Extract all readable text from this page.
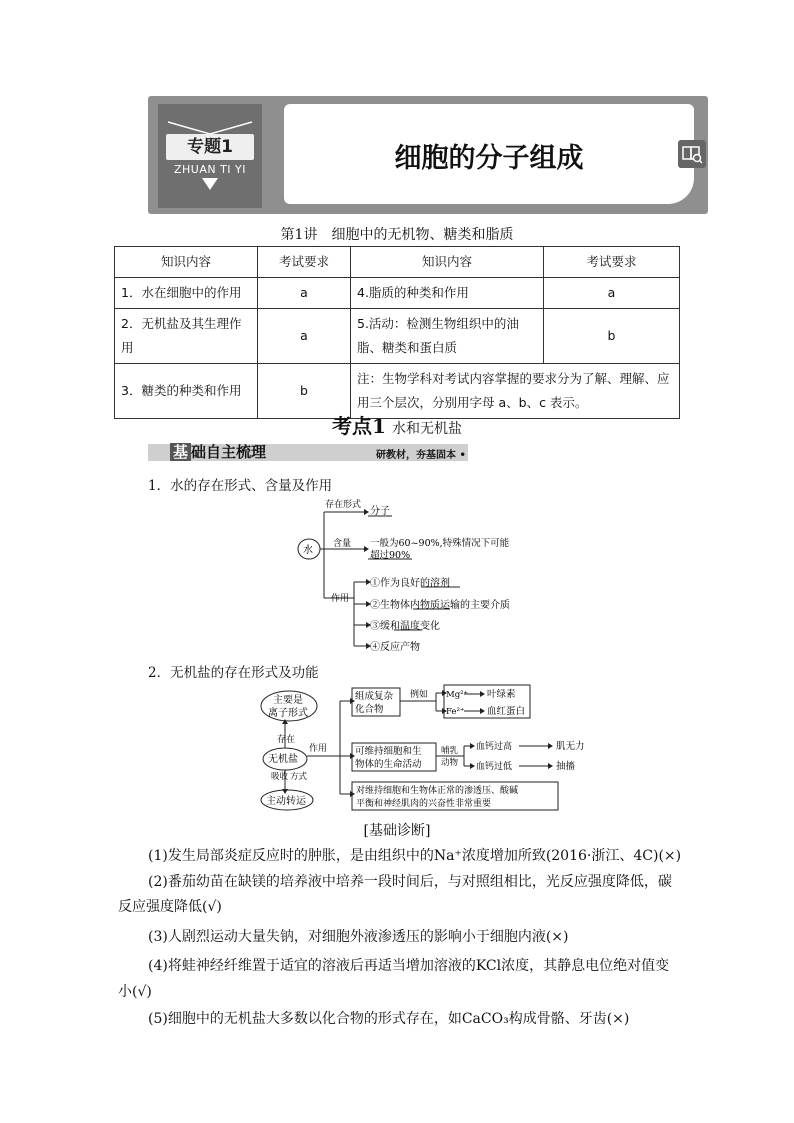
专题1
ZHUAN TI YI	细胞的分子组成
第1讲　细胞中的无机物、糖类和脂质
知识内容	考试要求	知识内容	考试要求
1．水在细胞中的作用	a	4.脂质的种类和作用	a
2．无机盐及其生理作用	a	5.活动：检测生物组织中的油脂、糖类和蛋白质	b
3．糖类的种类和作用	b	注：生物学科对考试内容掌握的要求分为了解、理解、应用三个层次，分别用字母 a、b、c 表示。	
考点1 水和无机盐
基 础自主梳理	研教材，夯基固本 •
1．水的存在形式、含量及作用
水
存在形式
分子
含量 一般为60~90%,特殊情况下可能
超过90%
作用
①作为良好的溶剂
②生物体内物质运输的主要介质
③缓和温度变化
④反应产物
2．无机盐的存在形式及功能
主要是
离子形式
存在
无机盐
吸收 方式
主动转运
作用
组成复杂
化合物
例如 Mg²⁺ 叶绿素
Fe²⁺ 血红蛋白
可维持细胞和生
物体的生命活动
哺乳
动物
血钙过高	肌无力
血钙过低	抽搐
对维持细胞和生物体正常的渗透压、酸碱
平衡和神经肌肉的兴奋性非常重要
[基础诊断]
(1)发生局部炎症反应时的肿胀，是由组织中的Na⁺浓度增加所致(2016·浙江、4C)(×)
(2)番茄幼苗在缺镁的培养液中培养一段时间后，与对照组相比，光反应强度降低，碳
反应强度降低(√)
(3)人剧烈运动大量失钠，对细胞外液渗透压的影响小于细胞内液(×)
(4)将蛙神经纤维置于适宜的溶液后再适当增加溶液的KCl浓度，其静息电位绝对值变
小(√)
(5)细胞中的无机盐大多数以化合物的形式存在，如CaCO₃构成骨骼、牙齿(×)
